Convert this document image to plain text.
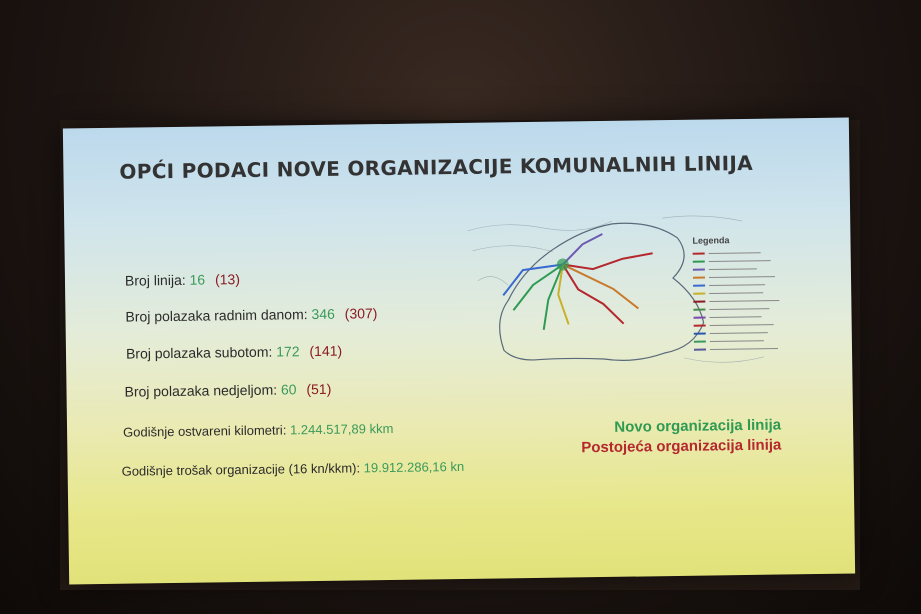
OPĆI PODACI NOVE ORGANIZACIJE KOMUNALNIH LINIJA
Broj linija: 16 (13)
Broj polazaka radnim danom: 346 (307)
Broj polazaka subotom: 172 (141)
Broj polazaka nedjeljom: 60 (51)
Godišnje ostvareni kilometri: 1.244.517,89 kkm
Godišnje trošak organizacije (16 kn/kkm): 19.912.286,16 kn
Novo organizacija linija
Postojeća organizacija linija
Legenda
